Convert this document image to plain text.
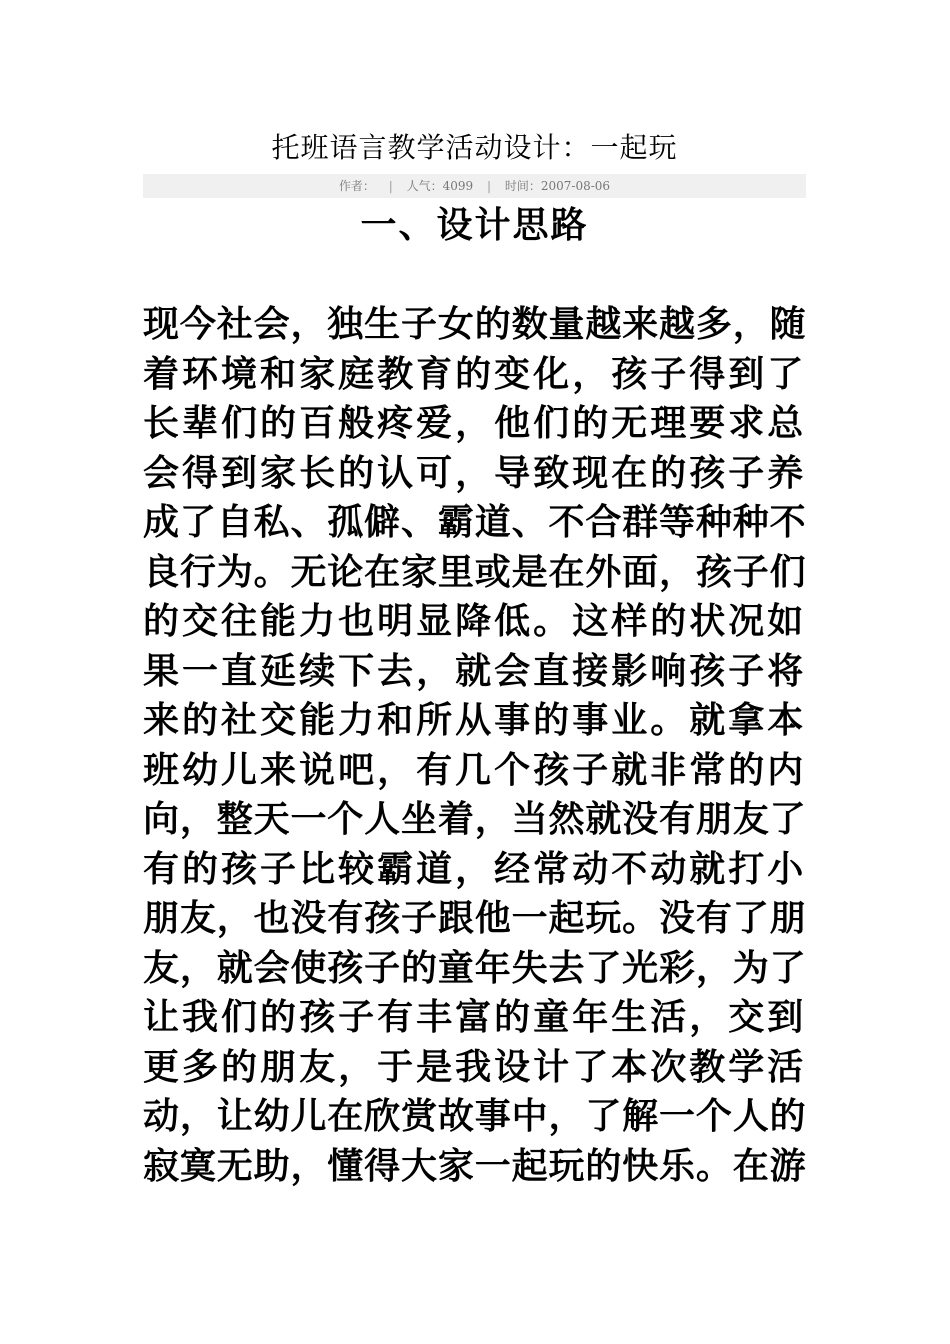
托班语言教学活动设计：一起玩
作者： | 人气：4099 | 时间：2007-08-06
一、设计思路
现今社会，独生子女的数量越来越多，随
着环境和家庭教育的变化，孩子得到了
长辈们的百般疼爱，他们的无理要求总
会得到家长的认可，导致现在的孩子养
成了自私、孤僻、霸道、不合群等种种不
良行为。无论在家里或是在外面，孩子们
的交往能力也明显降低。这样的状况如
果一直延续下去，就会直接影响孩子将
来的社交能力和所从事的事业。就拿本
班幼儿来说吧，有几个孩子就非常的内
向，整天一个人坐着，当然就没有朋友了
有的孩子比较霸道，经常动不动就打小
朋友，也没有孩子跟他一起玩。没有了朋
友，就会使孩子的童年失去了光彩，为了
让我们的孩子有丰富的童年生活，交到
更多的朋友，于是我设计了本次教学活
动，让幼儿在欣赏故事中，了解一个人的
寂寞无助，懂得大家一起玩的快乐。在游
